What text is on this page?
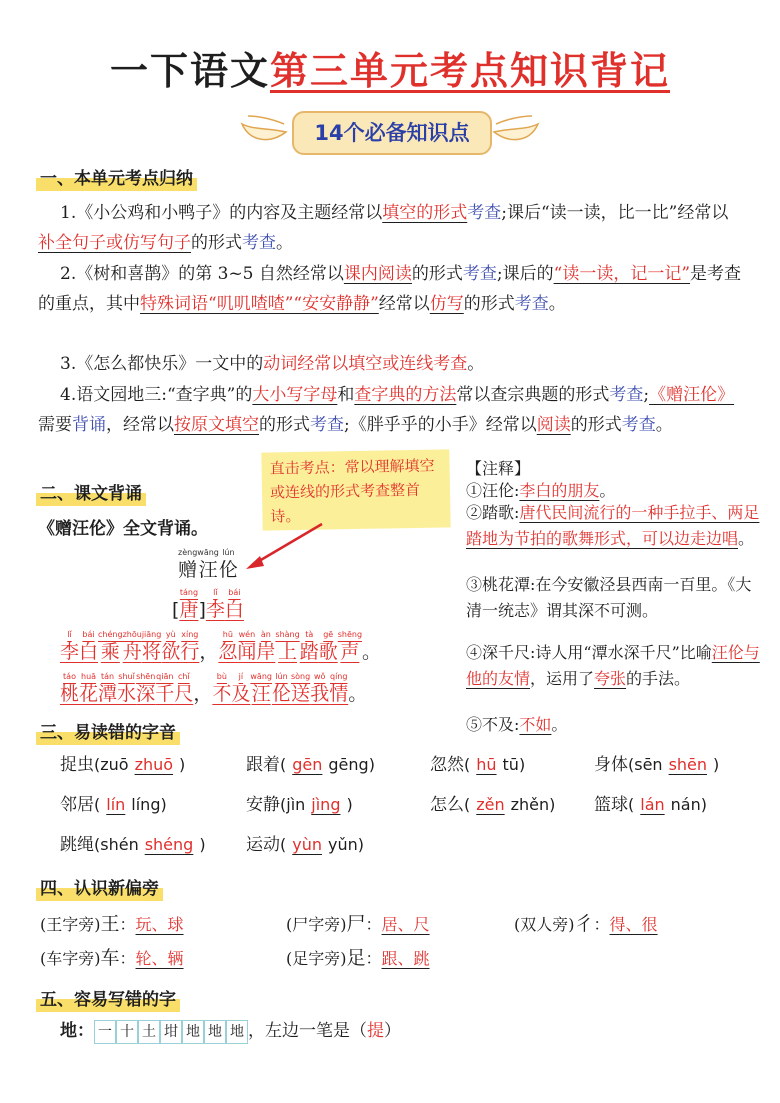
一下语文第三单元考点知识背记
14个必备知识点
一、本单元考点归纳
1.《小公鸡和小鸭子》的内容及主题经常以填空的形式考查;课后“读一读，比一比”经常以补全句子或仿写句子的形式考查。
2.《树和喜鹊》的第 3~5 自然经常以课内阅读的形式考查;课后的“读一读，记一记”是考查的重点，其中特殊词语“叽叽喳喳”“安安静静”经常以仿写的形式考查。
3.《怎么都快乐》一文中的动词经常以填空或连线考查。
4.语文园地三:“查字典”的大小写字母和查字典的方法常以查宗典题的形式考查;《赠汪伦》需要背诵，经常以按原文填空的形式考查;《胖乎乎的小手》经常以阅读的形式考查。
二、课文背诵
《赠汪伦》全文背诵。
直击考点：常以理解填空或连线的形式考查整首诗。
zèng
赠
wāng
汪
lún
伦
[
táng
唐 ]
lǐ
李
bái
白
lǐ
李
bái
白
chéng
乘
zhōu
舟
jiāng
将
yù
欲
xíng
行 ，
hū
忽
wén
闻
àn
岸
shàng
上
tà
踏
gē
歌
shēng
声 。
táo
桃
huā
花
tán
潭
shuǐ
水
shēn
深
qiān
千
chǐ
尺 ，
bù
不
jí
及
wāng
汪
lún
伦
sòng
送
wǒ
我
qíng
情 。
【注释】
①汪伦:李白的朋友。
②踏歌:唐代民间流行的一种手拉手、两足踏地为节拍的歌舞形式，可以边走边唱。
③桃花潭:在今安徽泾县西南一百里。《大清一统志》谓其深不可测。
④深千尺:诗人用“潭水深千尺”比喻汪伦与他的友情，运用了夸张的手法。
⑤不及:不如。
三、易读错的字音
捉虫(zuō zhuō )	跟着( gēn gēng)	忽然( hū tū)	身体(sēn shēn )
邻居( lín líng)	安静(jìn jìng )	怎么( zěn zhěn) 篮球( lán nán)
跳绳(shén shéng ) 运动( yùn yǔn)
四、认识新偏旁
(王字旁)王：玩、球	(尸字旁)尸：居、尺	(双人旁)彳：得、很
(车字旁)车：轮、辆	(足字旁)足：跟、跳
五、容易写错的字
地： 一 十 土 坩 地 地 地 ，左边一笔是（提）
